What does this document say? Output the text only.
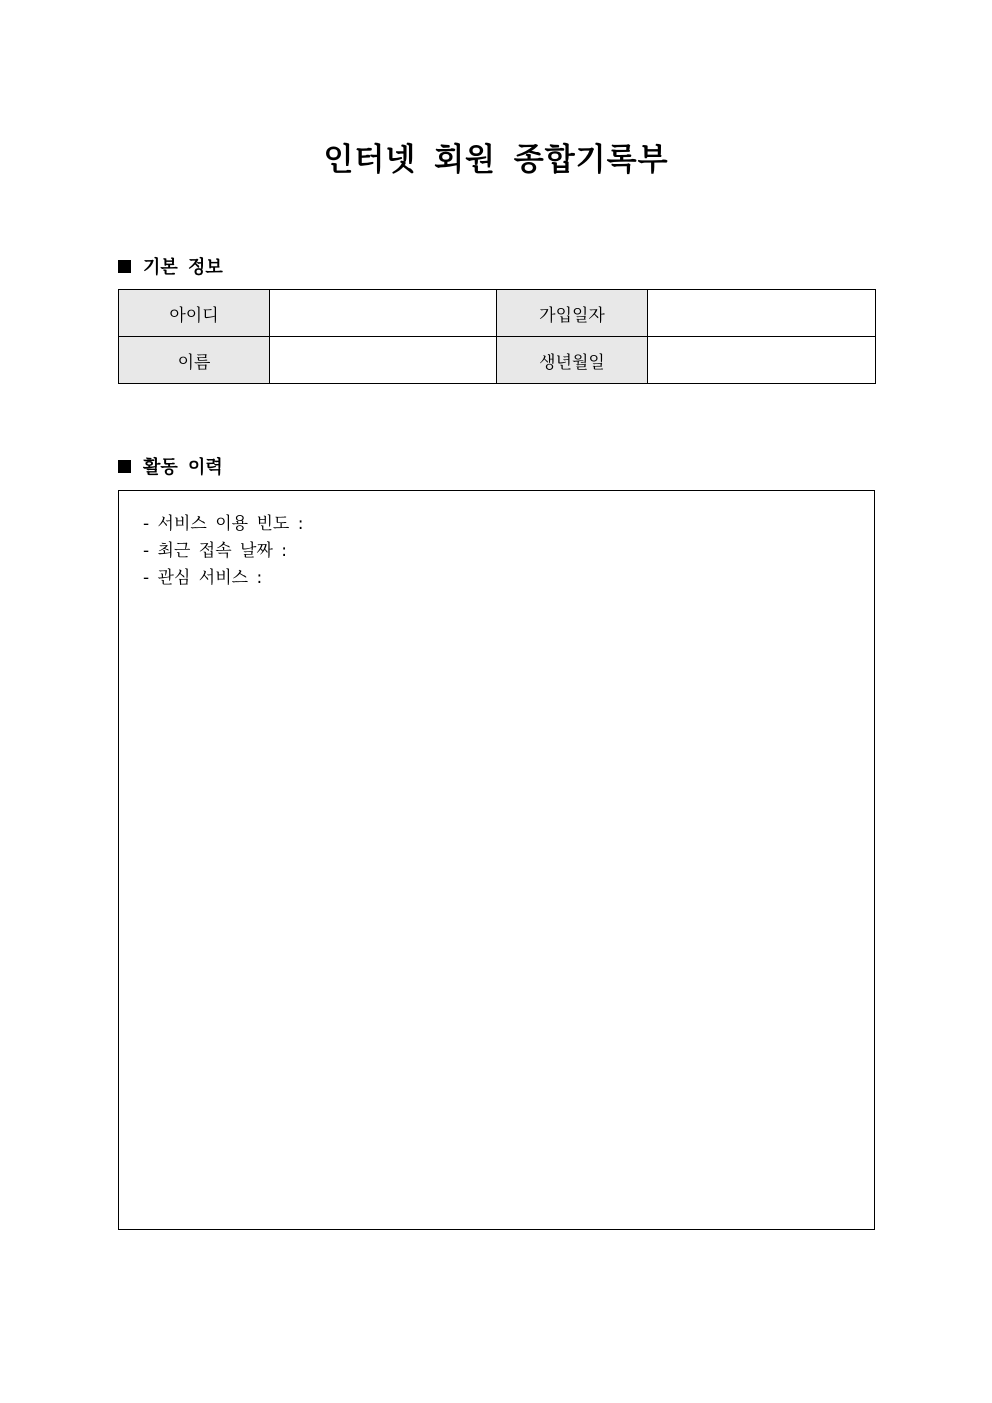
인터넷 회원 종합기록부
기본 정보
아이디		가입일자	
이름		생년월일	
활동 이력
- 서비스 이용 빈도 :
- 최근 접속 날짜 :
- 관심 서비스 :
